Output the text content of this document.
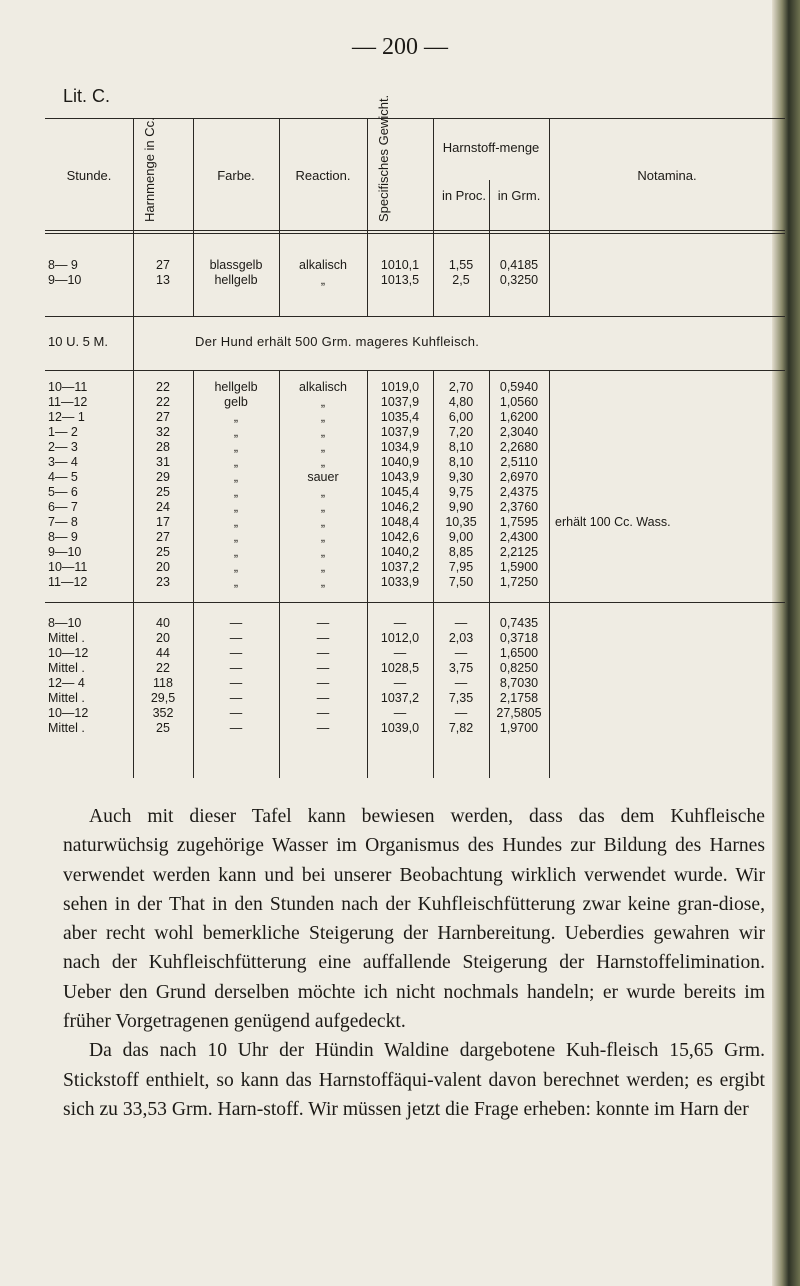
— 200 —
Lit. C.
Stunde.	Harnmenge in Cc.	Farbe.	Reaction.	Specifisches Gewicht.	Harnstoff-menge
in Proc. in Grm.
Notamina.
8— 9	27	blassgelb	alkalisch	1010,1	1,55	0,4185
9—10	13	hellgelb	„	1013,5	2,5	0,3250
10 U. 5 M.	Der Hund erhält 500 Grm. mageres Kuhfleisch.
10—11	22	hellgelb	alkalisch	1019,0	2,70	0,5940
11—12	22	gelb	„	1037,9	4,80	1,0560
12— 1	27	„	„	1035,4	6,00	1,6200
1— 2	32	„	„	1037,9	7,20	2,3040
2— 3	28	„	„	1034,9	8,10	2,2680
3— 4	31	„	„	1040,9	8,10	2,5110
4— 5	29	„	sauer	1043,9	9,30	2,6970
5— 6	25	„	„	1045,4	9,75	2,4375
6— 7	24	„	„	1046,2	9,90	2,3760
7— 8	17	„	„	1048,4	10,35	1,7595	erhält 100 Cc. Wass.
8— 9	27	„	„	1042,6	9,00	2,4300
9—10	25	„	„	1040,2	8,85	2,2125
10—11	20	„	„	1037,2	7,95	1,5900
11—12	23	„	„	1033,9	7,50	1,7250
8—10	40	—	—	—	—	0,7435
Mittel .	20	—	—	1012,0	2,03	0,3718
10—12	44	—	—	—	—	1,6500
Mittel .	22	—	—	1028,5	3,75	0,8250
12— 4	118	—	—	—	—	8,7030
Mittel .	29,5	—	—	1037,2	7,35	2,1758
10—12	352	—	—	—	—	27,5805
Mittel .	25	—	—	1039,0	7,82	1,9700

Auch mit dieser Tafel kann bewiesen werden, dass das dem Kuhfleische naturwüchsig zugehörige Wasser im Organismus des Hundes zur Bildung des Harnes verwendet werden kann und bei unserer Beobachtung wirklich verwendet wurde. Wir sehen in der That in den Stunden nach der Kuhfleischfütterung zwar keine gran-diose, aber recht wohl bemerkliche Steigerung der Harnbereitung. Ueberdies gewahren wir nach der Kuhfleischfütterung eine auffallende Steigerung der Harnstoffelimination. Ueber den Grund derselben möchte ich nicht nochmals handeln; er wurde bereits im früher Vorgetragenen genügend aufgedeckt.

Da das nach 10 Uhr der Hündin Waldine dargebotene Kuh-fleisch 15,65 Grm. Stickstoff enthielt, so kann das Harnstoffäqui-valent davon berechnet werden; es ergibt sich zu 33,53 Grm. Harn-stoff. Wir müssen jetzt die Frage erheben: konnte im Harn der
